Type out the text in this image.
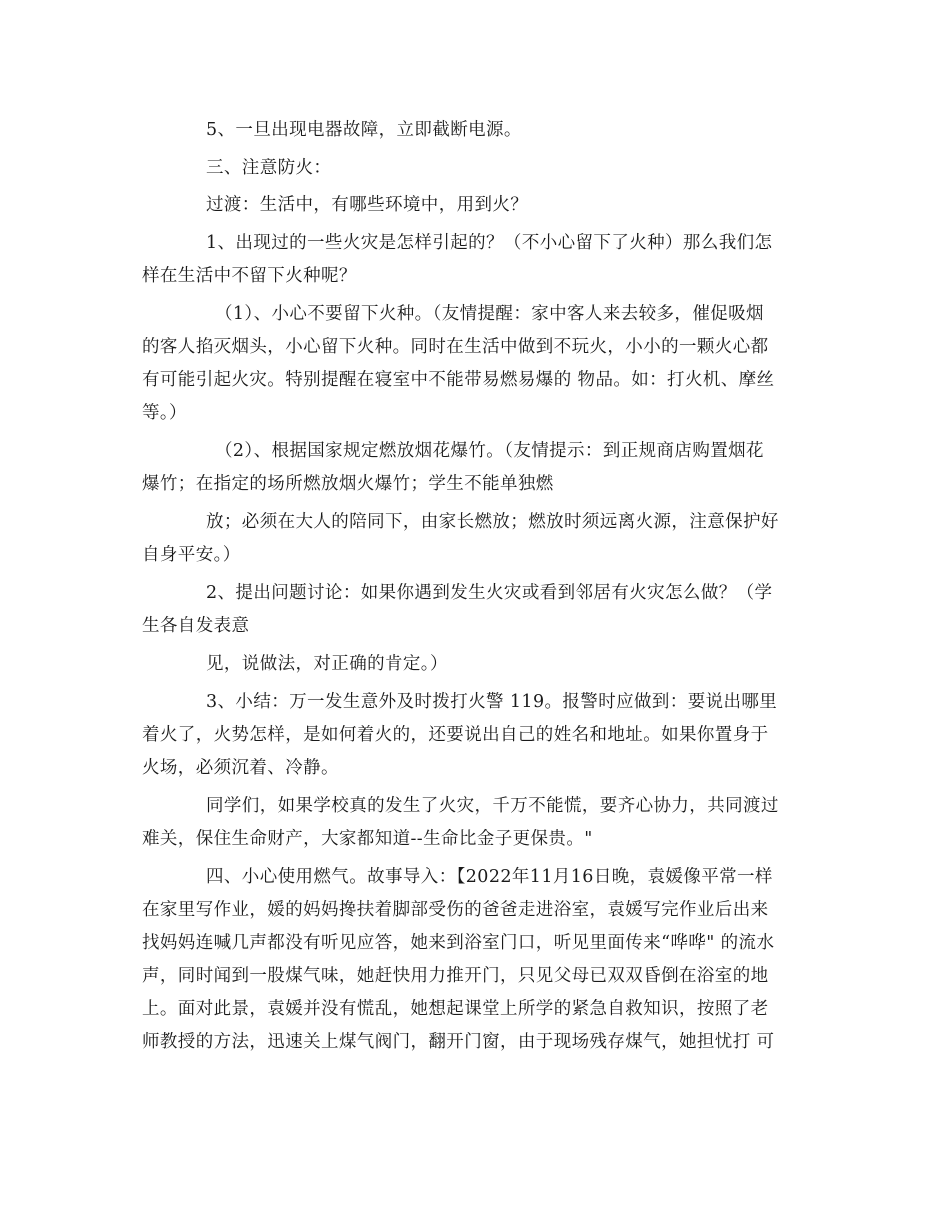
5、一旦出现电器故障，立即截断电源。
三、注意防火：
过渡：生活中，有哪些环境中，用到火？
1、出现过的一些火灾是怎样引起的？（不小心留下了火种）那么我们怎
样在生活中不留下火种呢？
（1）、小心不要留下火种。（友情提醒：家中客人来去较多，催促吸烟
的客人掐灭烟头，小心留下火种。同时在生活中做到不玩火，小小的一颗火心都
有可能引起火灾。特别提醒在寝室中不能带易燃易爆的 物品。如：打火机、摩丝
等。）
（2）、根据国家规定燃放烟花爆竹。（友情提示：到正规商店购置烟花
爆竹；在指定的场所燃放烟火爆竹；学生不能单独燃
放；必须在大人的陪同下，由家长燃放；燃放时须远离火源，注意保护好
自身平安。）
2、提出问题讨论：如果你遇到发生火灾或看到邻居有火灾怎么做？（学
生各自发表意
见，说做法，对正确的肯定。）
3、小结：万一发生意外及时拨打火警 119。报警时应做到：要说出哪里
着火了，火势怎样，是如何着火的，还要说出自己的姓名和地址。如果你置身于
火场，必须沉着、冷静。
同学们，如果学校真的发生了火灾，千万不能慌，要齐心协力，共同渡过
难关，保住生命财产，大家都知道--生命比金子更保贵。"
四、小心使用燃气。故事导入：【2022年11月16日晚，袁媛像平常一样
在家里写作业，媛的妈妈搀扶着脚部受伤的爸爸走进浴室，袁媛写完作业后出来
找妈妈连喊几声都没有听见应答，她来到浴室门口，听见里面传来“哗哗" 的流水
声，同时闻到一股煤气味，她赶快用力推开门，只见父母已双双昏倒在浴室的地
上。面对此景，袁媛并没有慌乱，她想起课堂上所学的紧急自救知识，按照了老
师教授的方法，迅速关上煤气阀门，翻开门窗，由于现场残存煤气，她担忧打 可
